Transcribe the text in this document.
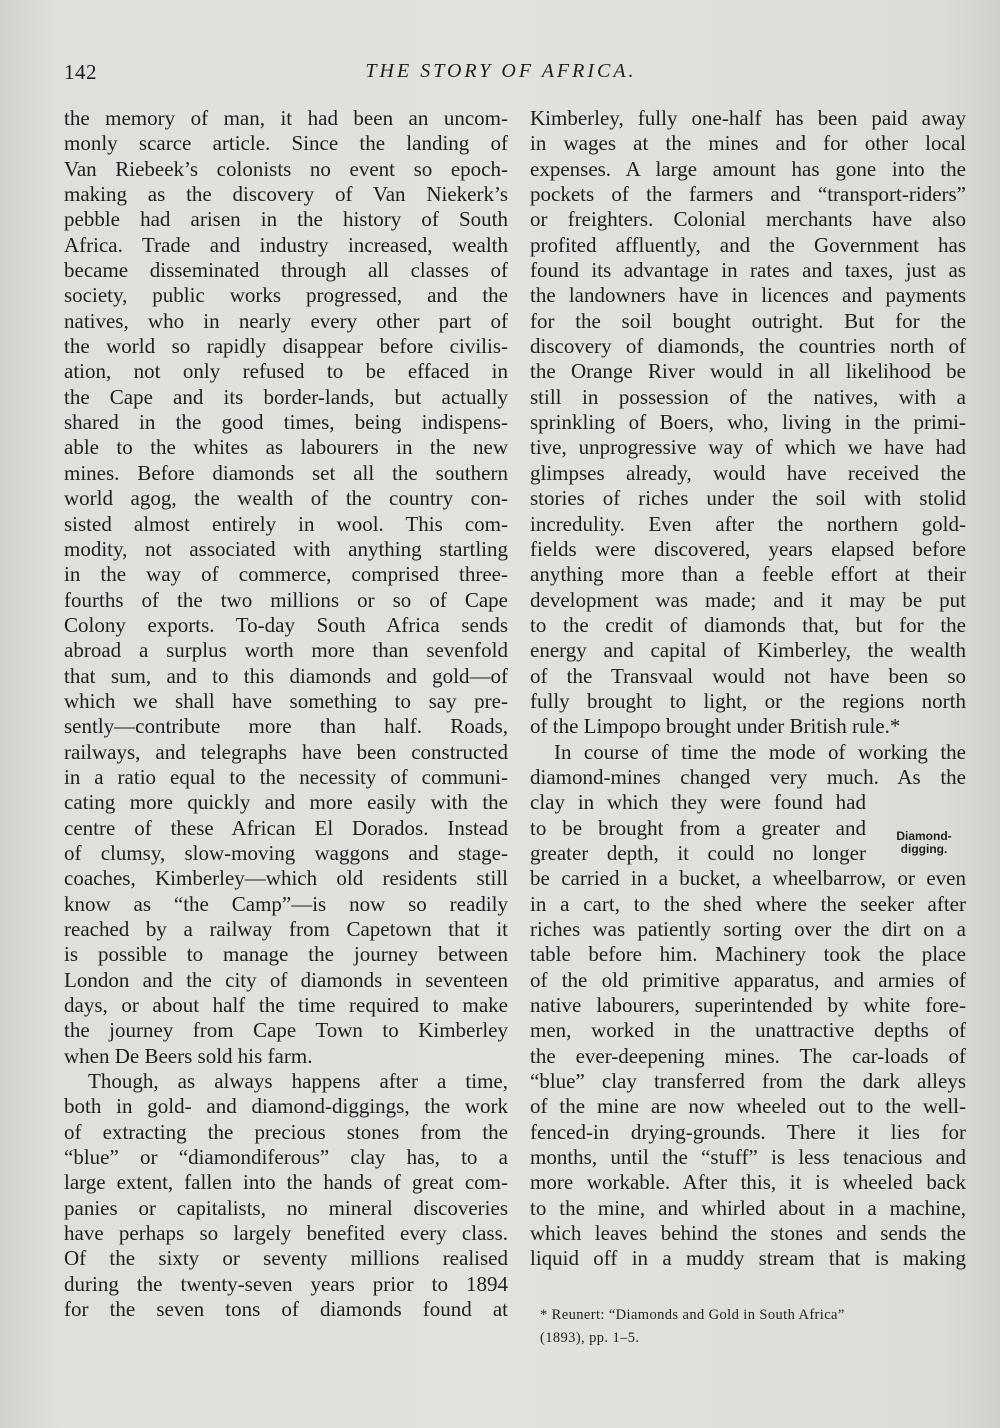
142	THE STORY OF AFRICA.
the memory of man, it had been an uncom-
monly scarce article. Since the landing of
Van Riebeek’s colonists no event so epoch-
making as the discovery of Van Niekerk’s
pebble had arisen in the history of South
Africa. Trade and industry increased, wealth
became disseminated through all classes of
society, public works progressed, and the
natives, who in nearly every other part of
the world so rapidly disappear before civilis-
ation, not only refused to be effaced in
the Cape and its border-lands, but actually
shared in the good times, being indispens-
able to the whites as labourers in the new
mines. Before diamonds set all the southern
world agog, the wealth of the country con-
sisted almost entirely in wool. This com-
modity, not associated with anything startling
in the way of commerce, comprised three-
fourths of the two millions or so of Cape
Colony exports. To-day South Africa sends
abroad a surplus worth more than sevenfold
that sum, and to this diamonds and gold—of
which we shall have something to say pre-
sently—contribute more than half. Roads,
railways, and telegraphs have been constructed
in a ratio equal to the necessity of communi-
cating more quickly and more easily with the
centre of these African El Dorados. Instead
of clumsy, slow-moving waggons and stage-
coaches, Kimberley—which old residents still
know as “the Camp”—is now so readily
reached by a railway from Capetown that it
is possible to manage the journey between
London and the city of diamonds in seventeen
days, or about half the time required to make
the journey from Cape Town to Kimberley
when De Beers sold his farm.
Though, as always happens after a time,
both in gold- and diamond-diggings, the work
of extracting the precious stones from the
“blue” or “diamondiferous” clay has, to a
large extent, fallen into the hands of great com-
panies or capitalists, no mineral discoveries
have perhaps so largely benefited every class.
Of the sixty or seventy millions realised
during the twenty-seven years prior to 1894
for the seven tons of diamonds found at
Kimberley, fully one-half has been paid away
in wages at the mines and for other local
expenses. A large amount has gone into the
pockets of the farmers and “transport-riders”
or freighters. Colonial merchants have also
profited affluently, and the Government has
found its advantage in rates and taxes, just as
the landowners have in licences and payments
for the soil bought outright. But for the
discovery of diamonds, the countries north of
the Orange River would in all likelihood be
still in possession of the natives, with a
sprinkling of Boers, who, living in the primi-
tive, unprogressive way of which we have had
glimpses already, would have received the
stories of riches under the soil with stolid
incredulity. Even after the northern gold-
fields were discovered, years elapsed before
anything more than a feeble effort at their
development was made; and it may be put
to the credit of diamonds that, but for the
energy and capital of Kimberley, the wealth
of the Transvaal would not have been so
fully brought to light, or the regions north
of the Limpopo brought under British rule.*
In course of time the mode of working the
diamond-mines changed very much. As the
clay in which they were found had
to be brought from a greater and
greater depth, it could no longer
be carried in a bucket, a wheelbarrow, or even
in a cart, to the shed where the seeker after
riches was patiently sorting over the dirt on a
table before him. Machinery took the place
of the old primitive apparatus, and armies of
native labourers, superintended by white fore-
men, worked in the unattractive depths of
the ever-deepening mines. The car-loads of
“blue” clay transferred from the dark alleys
of the mine are now wheeled out to the well-
fenced-in drying-grounds. There it lies for
months, until the “stuff” is less tenacious and
more workable. After this, it is wheeled back
to the mine, and whirled about in a machine,
which leaves behind the stones and sends the
liquid off in a muddy stream that is making
Diamond-
digging.
* Reunert: “Diamonds and Gold in South Africa”
(1893), pp. 1–5.
